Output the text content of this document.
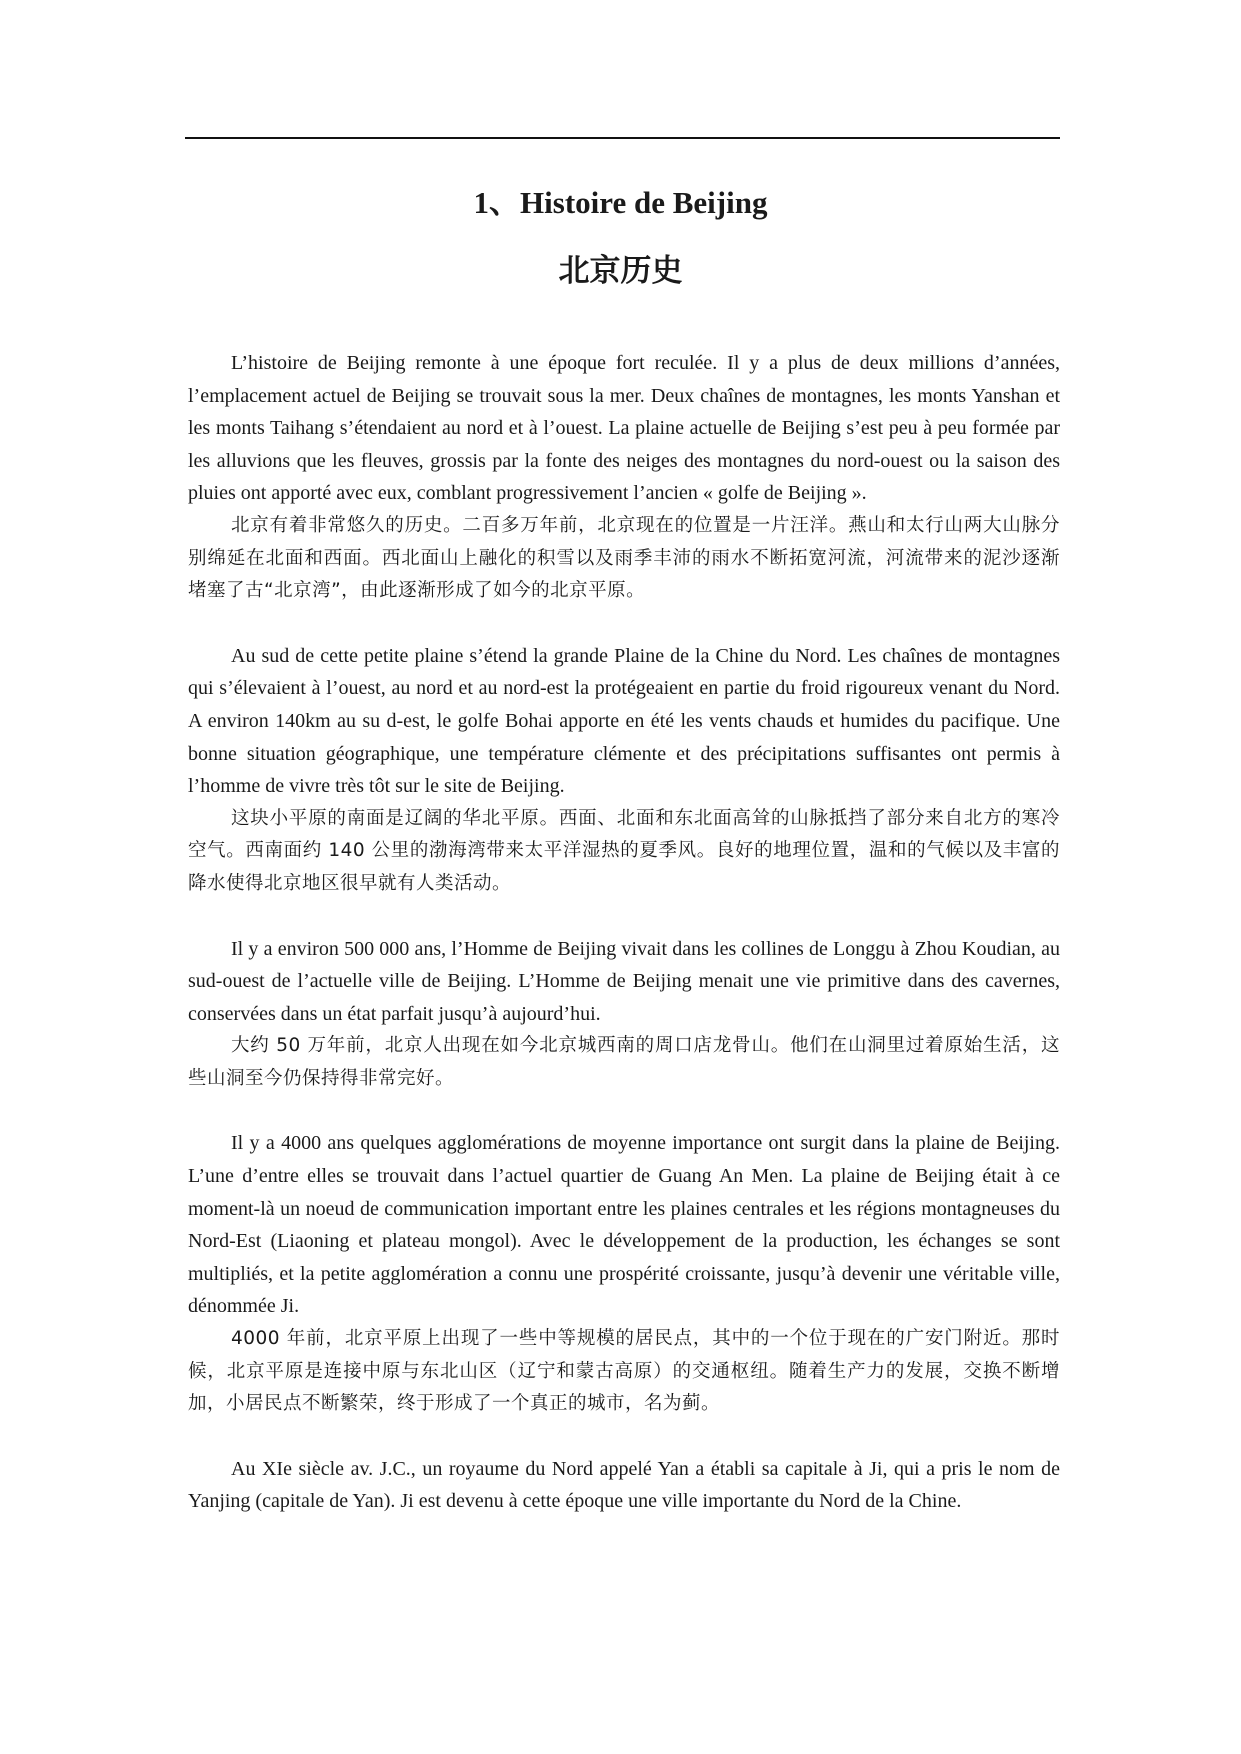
1、Histoire de Beijing
北京历史

L’histoire de Beijing remonte à une époque fort reculée. Il y a plus de deux millions d’années, l’emplacement actuel de Beijing se trouvait sous la mer. Deux chaînes de montagnes, les monts Yanshan et les monts Taihang s’étendaient au nord et à l’ouest. La plaine actuelle de Beijing s’est peu à peu formée par les alluvions que les fleuves, grossis par la fonte des neiges des montagnes du nord-ouest ou la saison des pluies ont apporté avec eux, comblant progressivement l’ancien « golfe de Beijing ».

北京有着非常悠久的历史。二百多万年前，北京现在的位置是一片汪洋。燕山和太行山两大山脉分别绵延在北面和西面。西北面山上融化的积雪以及雨季丰沛的雨水不断拓宽河流，河流带来的泥沙逐渐堵塞了古“北京湾”，由此逐渐形成了如今的北京平原。

Au sud de cette petite plaine s’étend la grande Plaine de la Chine du Nord. Les chaînes de montagnes qui s’élevaient à l’ouest, au nord et au nord-est la protégeaient en partie du froid rigoureux venant du Nord. A environ 140km au su d-est, le golfe Bohai apporte en été les vents chauds et humides du pacifique. Une bonne situation géographique, une température clémente et des précipitations suffisantes ont permis à l’homme de vivre très tôt sur le site de Beijing.

这块小平原的南面是辽阔的华北平原。西面、北面和东北面高耸的山脉抵挡了部分来自北方的寒冷空气。西南面约 140 公里的渤海湾带来太平洋湿热的夏季风。良好的地理位置，温和的气候以及丰富的降水使得北京地区很早就有人类活动。

Il y a environ 500 000 ans, l’Homme de Beijing vivait dans les collines de Longgu à Zhou Koudian, au sud-ouest de l’actuelle ville de Beijing. L’Homme de Beijing menait une vie primitive dans des cavernes, conservées dans un état parfait jusqu’à aujourd’hui.

大约 50 万年前，北京人出现在如今北京城西南的周口店龙骨山。他们在山洞里过着原始生活，这些山洞至今仍保持得非常完好。

Il y a 4000 ans quelques agglomérations de moyenne importance ont surgit dans la plaine de Beijing. L’une d’entre elles se trouvait dans l’actuel quartier de Guang An Men. La plaine de Beijing était à ce moment-là un noeud de communication important entre les plaines centrales et les régions montagneuses du Nord-Est (Liaoning et plateau mongol). Avec le développement de la production, les échanges se sont multipliés, et la petite agglomération a connu une prospérité croissante, jusqu’à devenir une véritable ville, dénommée Ji.

4000 年前，北京平原上出现了一些中等规模的居民点，其中的一个位于现在的广安门附近。那时候，北京平原是连接中原与东北山区（辽宁和蒙古高原）的交通枢纽。随着生产力的发展，交换不断增加，小居民点不断繁荣，终于形成了一个真正的城市，名为蓟。

Au XIe siècle av. J.C., un royaume du Nord appelé Yan a établi sa capitale à Ji, qui a pris le nom de Yanjing (capitale de Yan). Ji est devenu à cette époque une ville importante du Nord de la Chine.
